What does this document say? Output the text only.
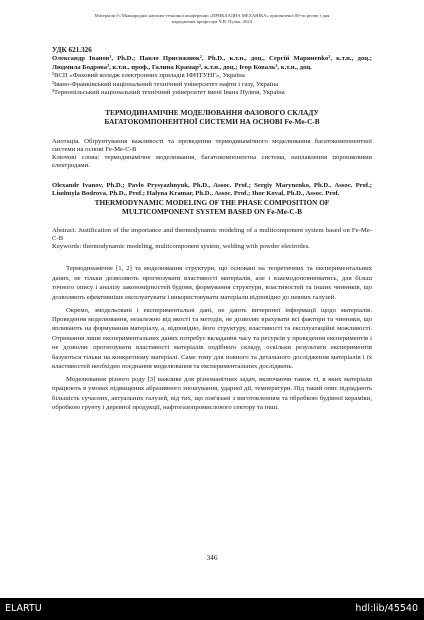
Матеріали I-і Міжнародної науково-технічної конференції «ПРИКЛАДНА МЕХАНІКА» присвяченої 80-ти річчю з дня
народження професора Ч.В. Пулки, 2024
УДК 621.326
Олександр Іванов¹, Ph.D.; Павло Присяжнюк², Ph.D., к.т.н., доц., Сергій Маринenko³, к.т.н., доц.; Людмила Бодрова³, к.т.н., проф., Галина Крамар³, к.т.н., доц.; Ігор Коваль³, к.т.н., доц.
¹ВСП «Фаховий коледж електронних приладів ІФНТУНГ», Україна
²Івано-Франківський національний технічний університет нафти і газу, Україна
³Тернопільський національний технічний університет імені Івана Пулюя, Україна
ТЕРМОДИНАМІЧНЕ МОДЕЛЮВАННЯ ФАЗОВОГО СКЛАДУ
БАГАТОКОМПОНЕНТНОЇ СИСТЕМИ НА ОСНОВІ Fe-Me-C-B
Анотація. Обґрунтування важливості та проведення термодинамічного моделювання багатокомпонентної системи на основі Fe-Me-C-B
Ключові слова: термодинамічне моделювання, багатокомпонентна система, наплавлення порошковими електродами.
Olexandr Ivanov, Ph.D.; Pavlo Prysyazhnyuk, Ph.D., Assoc. Prof.; Sergiy Marynenko, Ph.D., Assoc. Prof.; Liudmyla Bodrova, Ph.D., Prof.; Halyna Kramar, Ph.D., Assoc. Prof.; Ihor Koval, Ph.D., Assoc. Prof.
THERMODYNAMIC MODELING OF THE PHASE COMPOSITION OF
MULTICOMPONENT SYSTEM BASED ON Fe-Me-C-B
Abstract. Justification of the importance and thermodynamic modeling of a multicomponent system based on Fe-Me-C-B
Keywords: thermodynamic modeling, multicomponent system, welding with powder electrodes.

Термодинамічне [1, 2] та моделювання структури, що основані на теоретичних та експериментальних даних, не тільки дозволяють прогнозувати властивості матеріалів, але і взаємодоповнюватись, для більш точного опису і аналізу закономірностей будови, формування структури, властивостей та інших чинників, що дозволяють ефективніше експлуатувати і використовувати матеріали відповідно до певних галузей.

Окремо, змодельовані і експериментальні дані, не дають вичерпної інформації щодо матеріалів. Проведення моделювання, незалежно від якості та методів, не дозволяє врахувати всі фактори та чинники, що впливають на формування матеріалу, а, відповідно, його структуру, властивості та експлуатаційні можливості. Отримання лише експериментальних даних потребує вкладання часу та ресурсів у проведення експериментів і не дозволяє прогнозувати властивості матеріалів подібного складу, оскільки результати експериментів базуються тільки на конкретному матеріалі. Саме тому для повного та детального дослідження матеріалів і їх властивостей необхідно поєднання моделювання та експериментальних досліджень.

Моделювання різного роду [3] важливе для різноманітних задач, включаючи також ті, в яких матеріали працюють в умовах підвищених абразивного зношування, ударної дії, температури. Під такий опис підпадають більшість сучасних, актуальних галузей, від тих, що пов'язані з виготовленням та обробкою будівної кераміки, обробкою грунту і деревної продукції, нафтогазопромислового сектору та інші.

346
ELARTU	hdl:lib/45540
